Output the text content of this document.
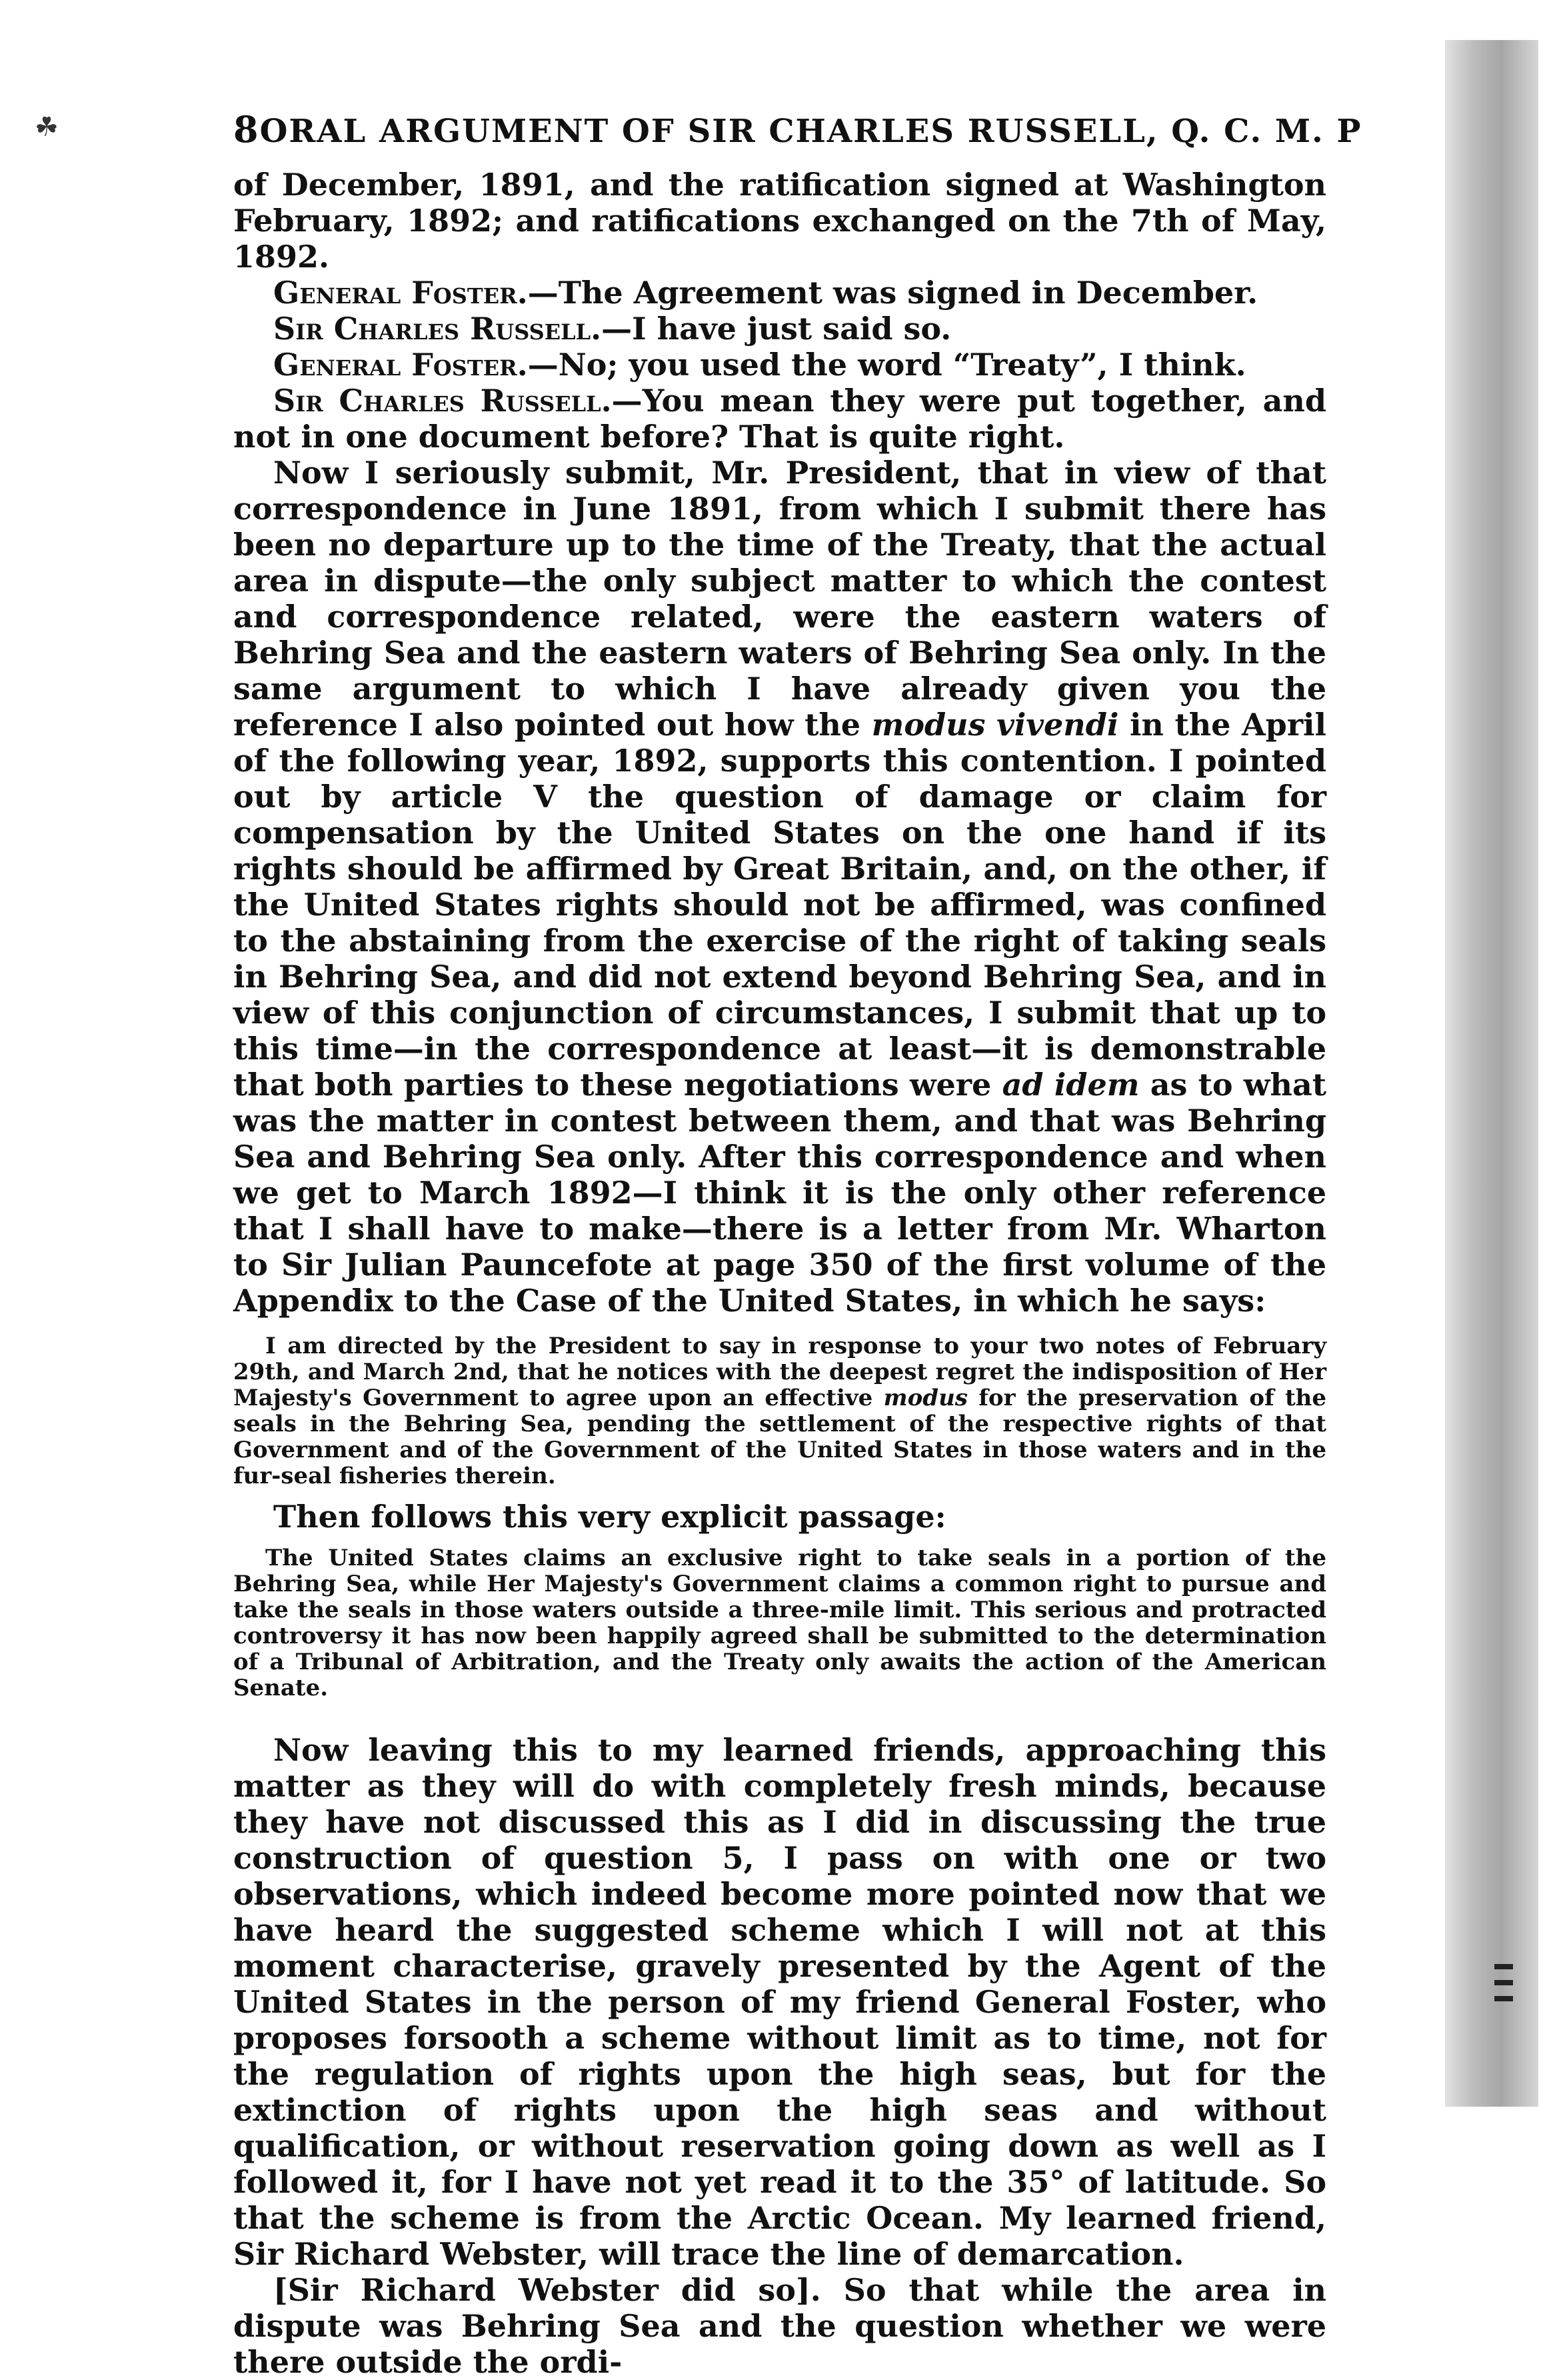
☘	8 ORAL ARGUMENT OF SIR CHARLES RUSSELL, Q. C. M. P

of December, 1891, and the ratification signed at Washington February, 1892; and ratifications exchanged on the 7th of May, 1892.

General Foster.—The Agreement was signed in December.

Sir Charles Russell.—I have just said so.

General Foster.—No; you used the word “Treaty”, I think.

Sir Charles Russell.—You mean they were put together, and not in one document before? That is quite right.

Now I seriously submit, Mr. President, that in view of that correspondence in June 1891, from which I submit there has been no departure up to the time of the Treaty, that the actual area in dispute—the only subject matter to which the contest and correspondence related, were the eastern waters of Behring Sea and the eastern waters of Behring Sea only. In the same argument to which I have already given you the reference I also pointed out how the modus vivendi in the April of the following year, 1892, supports this contention. I pointed out by article V the question of damage or claim for compensation by the United States on the one hand if its rights should be affirmed by Great Britain, and, on the other, if the United States rights should not be affirmed, was confined to the abstaining from the exercise of the right of taking seals in Behring Sea, and did not extend beyond Behring Sea, and in view of this conjunction of circumstances, I submit that up to this time—in the correspondence at least—it is demonstrable that both parties to these negotiations were ad idem as to what was the matter in contest between them, and that was Behring Sea and Behring Sea only. After this correspondence and when we get to March 1892—I think it is the only other reference that I shall have to make—there is a letter from Mr. Wharton to Sir Julian Pauncefote at page 350 of the first volume of the Appendix to the Case of the United States, in which he says:

I am directed by the President to say in response to your two notes of February 29th, and March 2nd, that he notices with the deepest regret the indisposition of Her Majesty's Government to agree upon an effective modus for the preservation of the seals in the Behring Sea, pending the settlement of the respective rights of that Government and of the Government of the United States in those waters and in the fur-seal fisheries therein.

Then follows this very explicit passage:

The United States claims an exclusive right to take seals in a portion of the Behring Sea, while Her Majesty's Government claims a common right to pursue and take the seals in those waters outside a three-mile limit. This serious and protracted controversy it has now been happily agreed shall be submitted to the determination of a Tribunal of Arbitration, and the Treaty only awaits the action of the American Senate.

Now leaving this to my learned friends, approaching this matter as they will do with completely fresh minds, because they have not discussed this as I did in discussing the true construction of question 5, I pass on with one or two observations, which indeed become more pointed now that we have heard the suggested scheme which I will not at this moment characterise, gravely presented by the Agent of the United States in the person of my friend General Foster, who proposes forsooth a scheme without limit as to time, not for the regulation of rights upon the high seas, but for the extinction of rights upon the high seas and without qualification, or without reservation going down as well as I followed it, for I have not yet read it to the 35° of latitude. So that the scheme is from the Arctic Ocean. My learned friend, Sir Richard Webster, will trace the line of demarcation.

[Sir Richard Webster did so]. So that while the area in dispute was Behring Sea and the question whether we were there outside the ordi-
